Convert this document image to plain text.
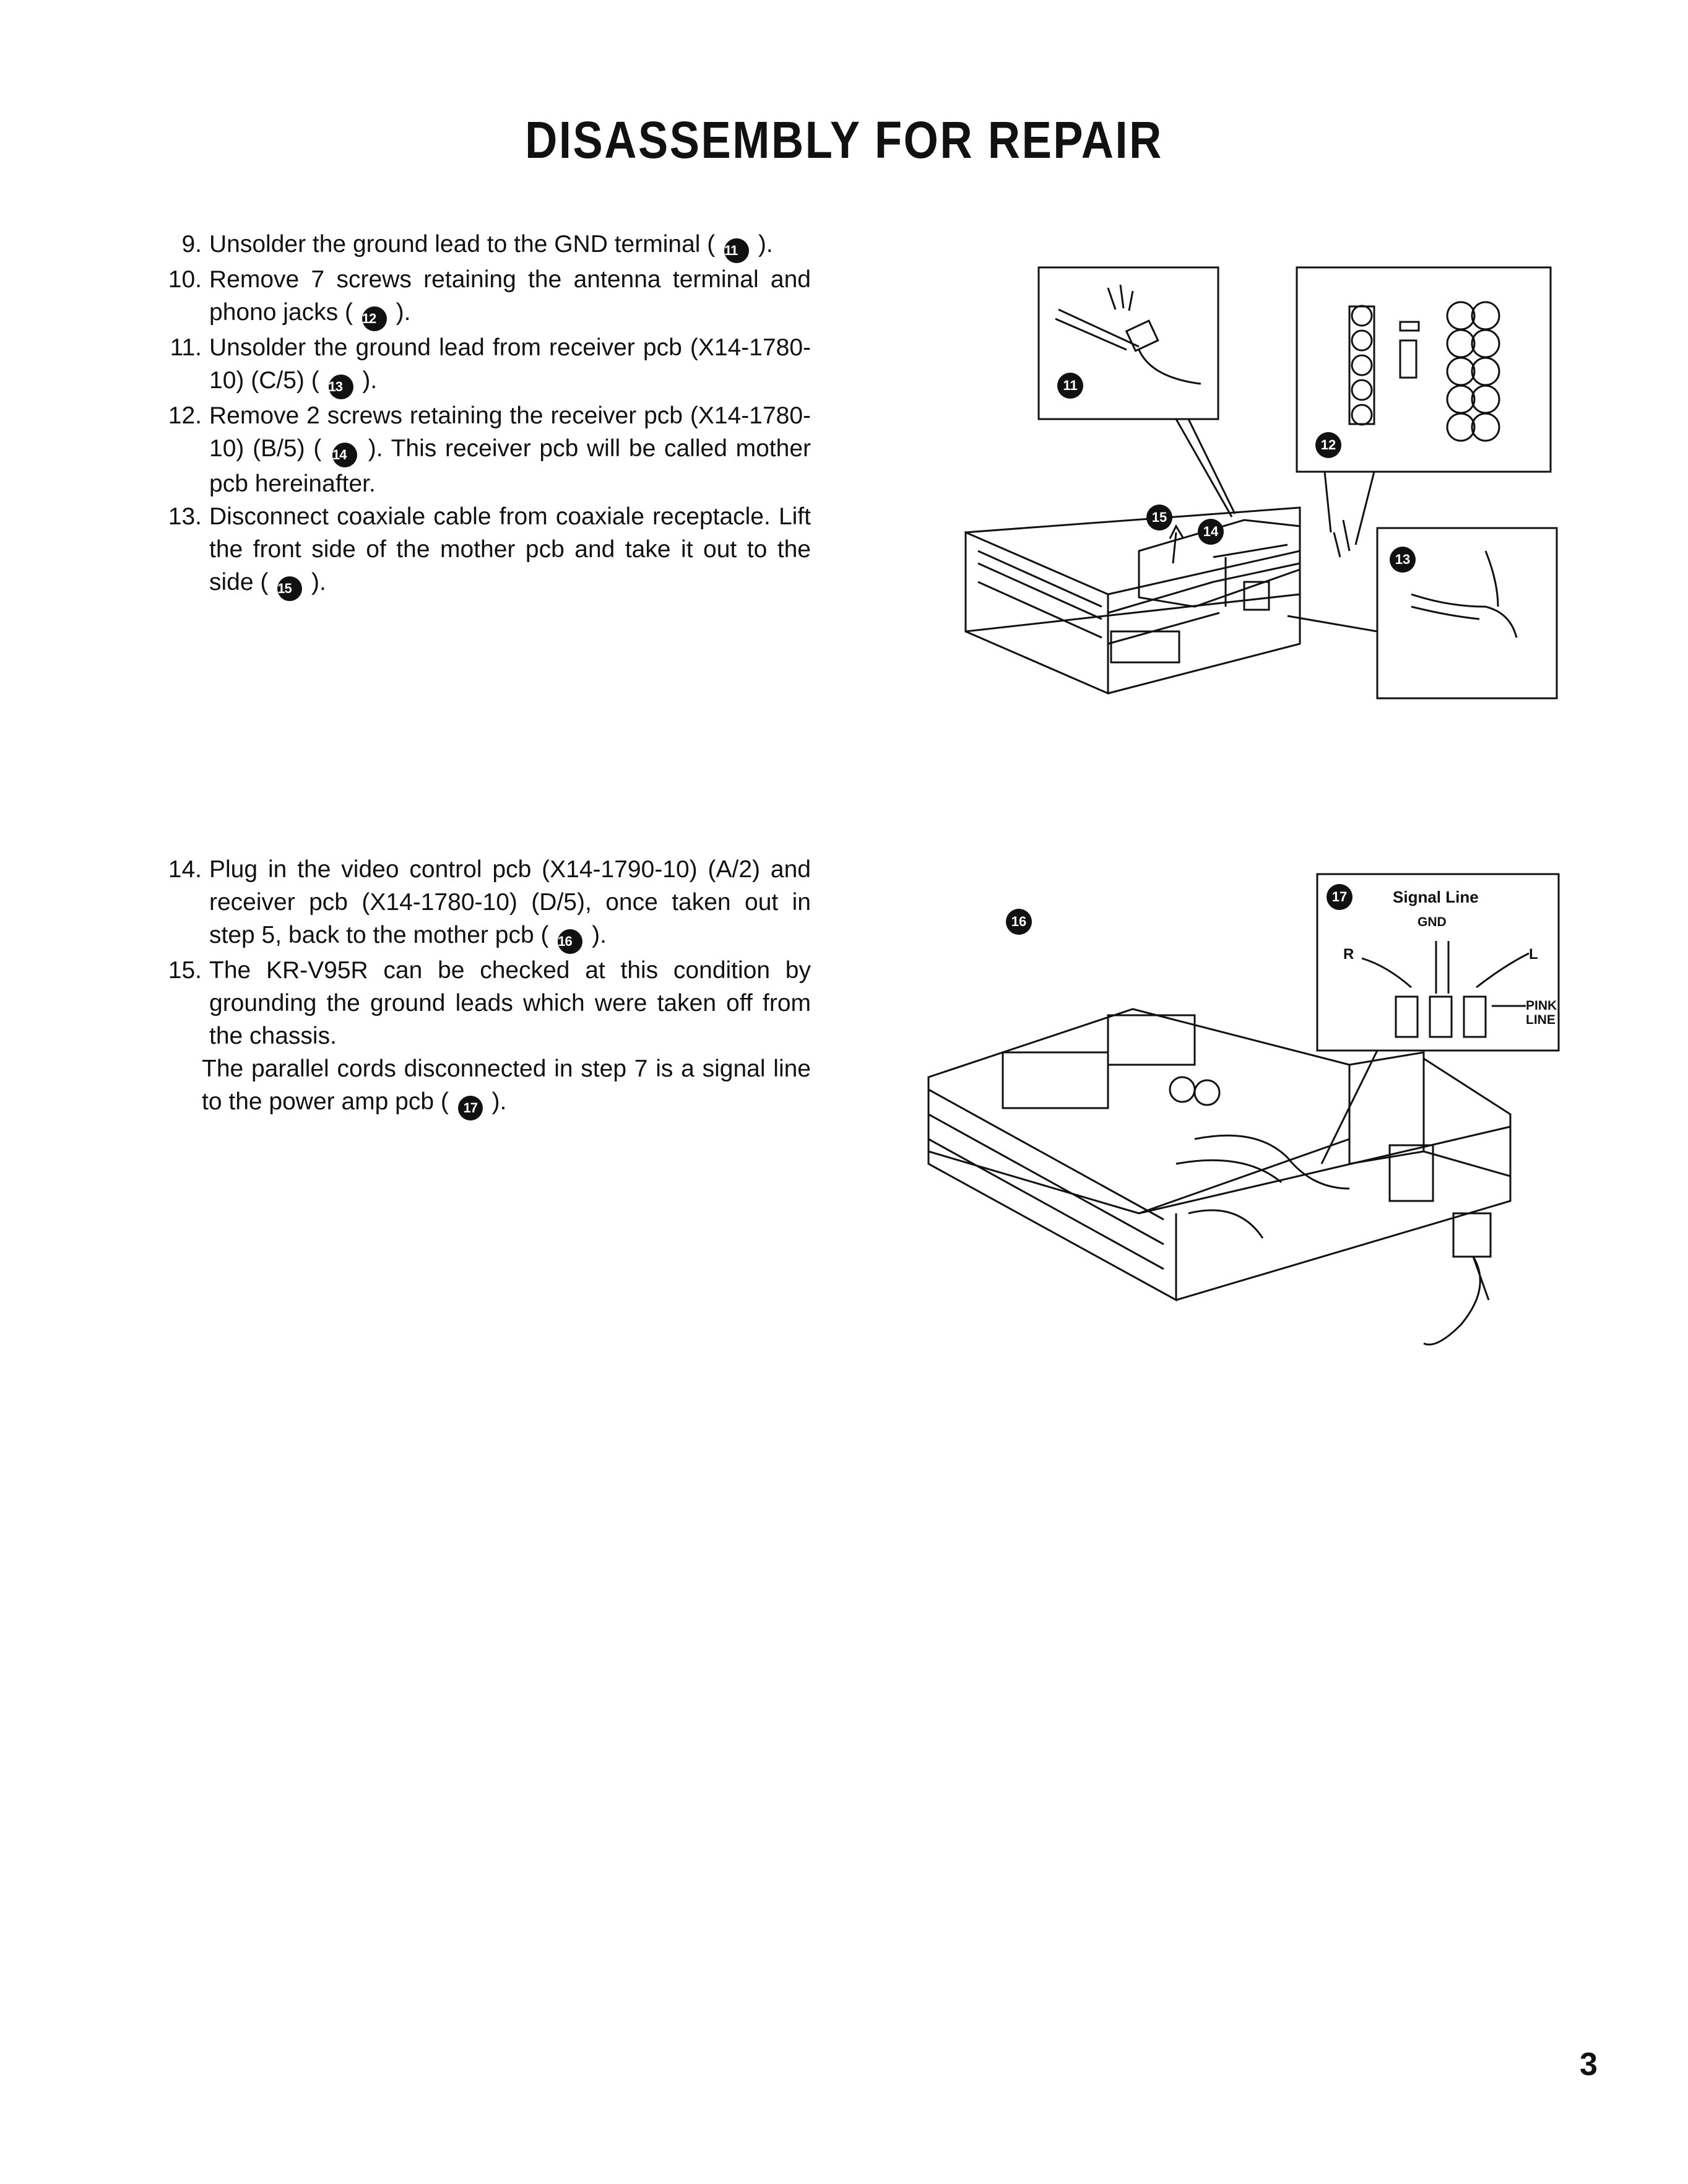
DISASSEMBLY FOR REPAIR
9. Unsolder the ground lead to the GND terminal ( 11 ).
10. Remove 7 screws retaining the antenna terminal and phono jacks ( 12 ).
11. Unsolder the ground lead from receiver pcb (X14-1780-10) (C/5) ( 13 ).
12. Remove 2 screws retaining the receiver pcb (X14-1780-10) (B/5) ( 14 ). This receiver pcb will be called mother pcb hereinafter.
13. Disconnect coaxiale cable from coaxiale receptacle. Lift the front side of the mother pcb and take it out to the side ( 15 ).
14. Plug in the video control pcb (X14-1790-10) (A/2) and receiver pcb (X14-1780-10) (D/5), once taken out in step 5, back to the mother pcb ( 16 ).
15. The KR-V95R can be checked at this condition by grounding the ground leads which were taken off from the chassis.
The parallel cords disconnected in step 7 is a signal line to the power amp pcb ( 17 ).
11
12
13
14
15
16
17	Signal Line
GND
R	L
PINK
LINE
3
